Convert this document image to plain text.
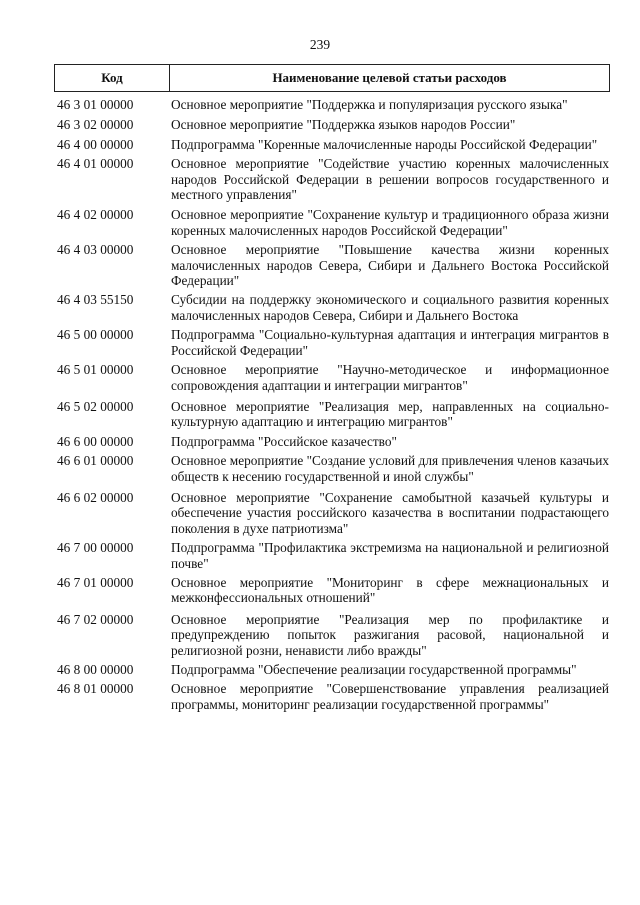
239
Код	Наименование целевой статьи расходов
46 3 01 00000	Основное мероприятие "Поддержка и популяризация русского языка"
46 3 02 00000	Основное мероприятие "Поддержка языков народов России"
46 4 00 00000	Подпрограмма "Коренные малочисленные народы Российской Федерации"
46 4 01 00000	Основное мероприятие "Содействие участию коренных малочисленных народов Российской Федерации в решении вопросов государственного и местного управления"
46 4 02 00000	Основное мероприятие "Сохранение культур и традиционного образа жизни коренных малочисленных народов Российской Федерации"
46 4 03 00000	Основное мероприятие "Повышение качества жизни коренных малочисленных народов Севера, Сибири и Дальнего Востока Российской Федерации"
46 4 03 55150	Субсидии на поддержку экономического и социального развития коренных малочисленных народов Севера, Сибири и Дальнего Востока
46 5 00 00000	Подпрограмма "Социально-культурная адаптация и интеграция мигрантов в Российской Федерации"
46 5 01 00000	Основное мероприятие "Научно-методическое и информационное сопровождения адаптации и интеграции мигрантов"
46 5 02 00000	Основное мероприятие "Реализация мер, направленных на социально-культурную адаптацию и интеграцию мигрантов"
46 6 00 00000	Подпрограмма "Российское казачество"
46 6 01 00000	Основное мероприятие "Создание условий для привлечения членов казачьих обществ к несению государственной и иной службы"
46 6 02 00000	Основное мероприятие "Сохранение самобытной казачьей культуры и обеспечение участия российского казачества в воспитании подрастающего поколения в духе патриотизма"
46 7 00 00000	Подпрограмма "Профилактика экстремизма на национальной и религиозной почве"
46 7 01 00000	Основное мероприятие "Мониторинг в сфере межнациональных и межконфессиональных отношений"
46 7 02 00000	Основное мероприятие "Реализация мер по профилактике и предупреждению попыток разжигания расовой, национальной и религиозной розни, ненависти либо вражды"
46 8 00 00000	Подпрограмма "Обеспечение реализации государственной программы"
46 8 01 00000	Основное мероприятие "Совершенствование управления реализацией программы, мониторинг реализации государственной программы"
